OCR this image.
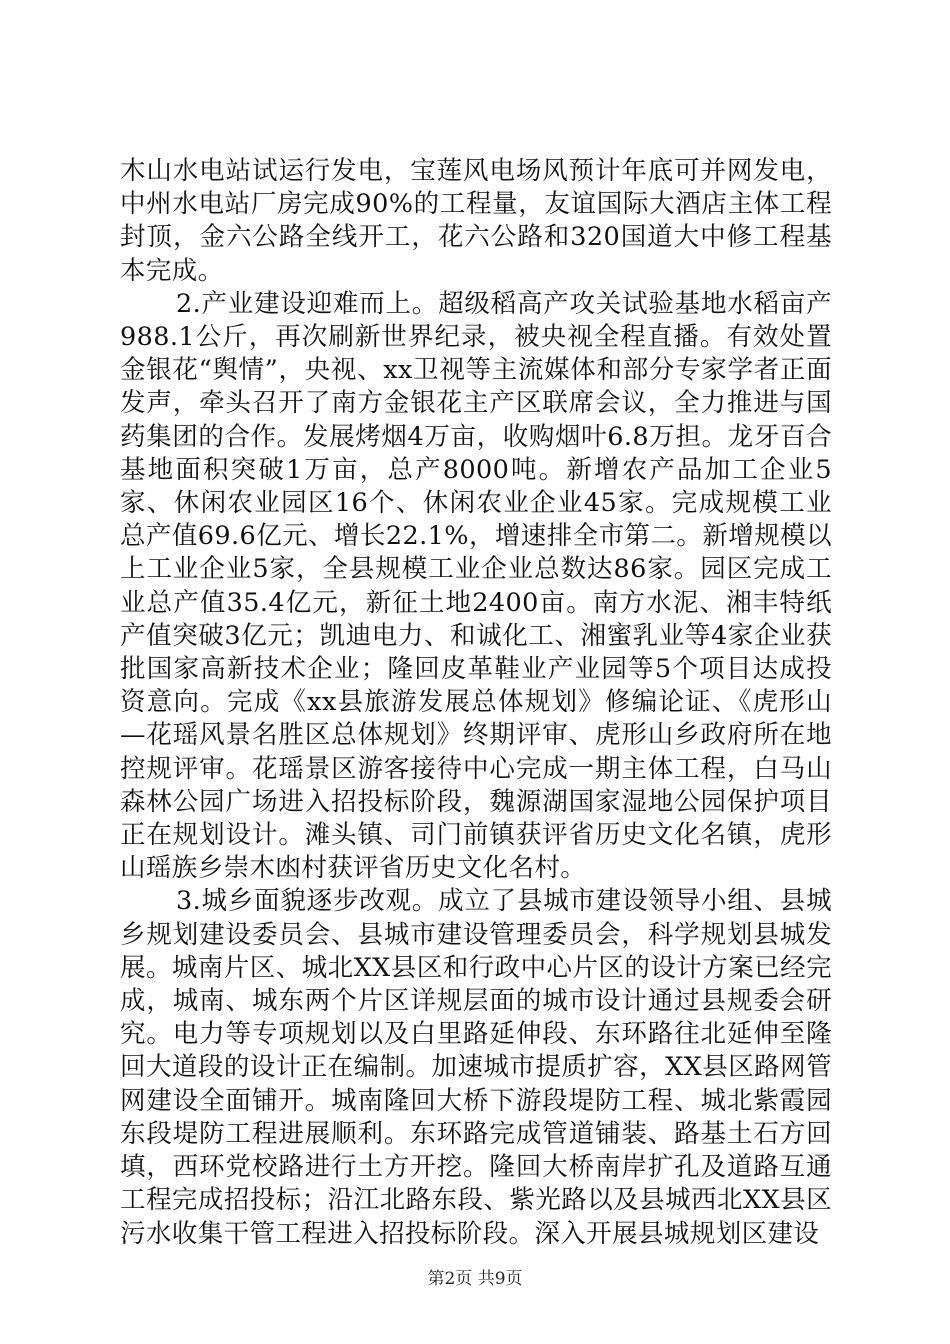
木山水电站试运行发电，宝莲风电场风预计年底可并网发电，中州水电站厂房完成90%的工程量，友谊国际大酒店主体工程封顶，金六公路全线开工，花六公路和320国道大中修工程基本完成。

2.产业建设迎难而上。超级稻高产攻关试验基地水稻亩产988.1公斤，再次刷新世界纪录，被央视全程直播。有效处置金银花“舆情”，央视、xx卫视等主流媒体和部分专家学者正面发声，牵头召开了南方金银花主产区联席会议，全力推进与国药集团的合作。发展烤烟4万亩，收购烟叶6.8万担。龙牙百合基地面积突破1万亩，总产8000吨。新增农产品加工企业5家、休闲农业园区16个、休闲农业企业45家。完成规模工业总产值69.6亿元、增长22.1%，增速排全市第二。新增规模以上工业企业5家，全县规模工业企业总数达86家。园区完成工业总产值35.4亿元，新征土地2400亩。南方水泥、湘丰特纸产值突破3亿元；凯迪电力、和诚化工、湘蜜乳业等4家企业获批国家高新技术企业；隆回皮革鞋业产业园等5个项目达成投资意向。完成《xx县旅游发展总体规划》修编论证、《虎形山—花瑶风景名胜区总体规划》终期评审、虎形山乡政府所在地控规评审。花瑶景区游客接待中心完成一期主体工程，白马山森林公园广场进入招投标阶段，魏源湖国家湿地公园保护项目正在规划设计。滩头镇、司门前镇获评省历史文化名镇，虎形山瑶族乡崇木凼村获评省历史文化名村。

3.城乡面貌逐步改观。成立了县城市建设领导小组、县城乡规划建设委员会、县城市建设管理委员会，科学规划县城发展。城南片区、城北XX县区和行政中心片区的设计方案已经完成，城南、城东两个片区详规层面的城市设计通过县规委会研究。电力等专项规划以及白里路延伸段、东环路往北延伸至隆回大道段的设计正在编制。加速城市提质扩容，XX县区路网管网建设全面铺开。城南隆回大桥下游段堤防工程、城北紫霞园东段堤防工程进展顺利。东环路完成管道铺装、路基土石方回填，西环党校路进行土方开挖。隆回大桥南岸扩孔及道路互通工程完成招投标；沿江北路东段、紫光路以及县城西北XX县区污水收集干管工程进入招投标阶段。深入开展县城规划区建设

第2页 共9页
